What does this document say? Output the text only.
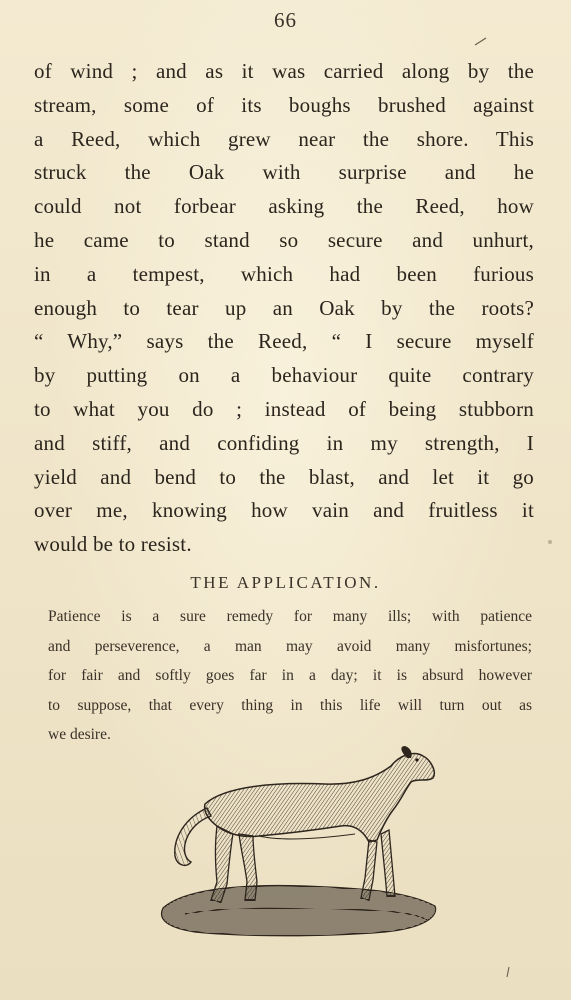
66
of wind ; and as it was carried along by the
stream, some of its boughs brushed against
a Reed, which grew near the shore. This
struck the Oak with surprise and he
could not forbear asking the Reed, how
he came to stand so secure and unhurt,
in a tempest, which had been furious
enough to tear up an Oak by the roots?
“ Why,” says the Reed, “ I secure myself
by putting on a behaviour quite contrary
to what you do ; instead of being stubborn
and stiff, and confiding in my strength, I
yield and bend to the blast, and let it go
over me, knowing how vain and fruitless it
would be to resist.
THE APPLICATION.
Patience is a sure remedy for many ills; with patience
and perseverence, a man may avoid many misfortunes;
for fair and softly goes far in a day; it is absurd however
to suppose, that every thing in this life will turn out as
we desire.
